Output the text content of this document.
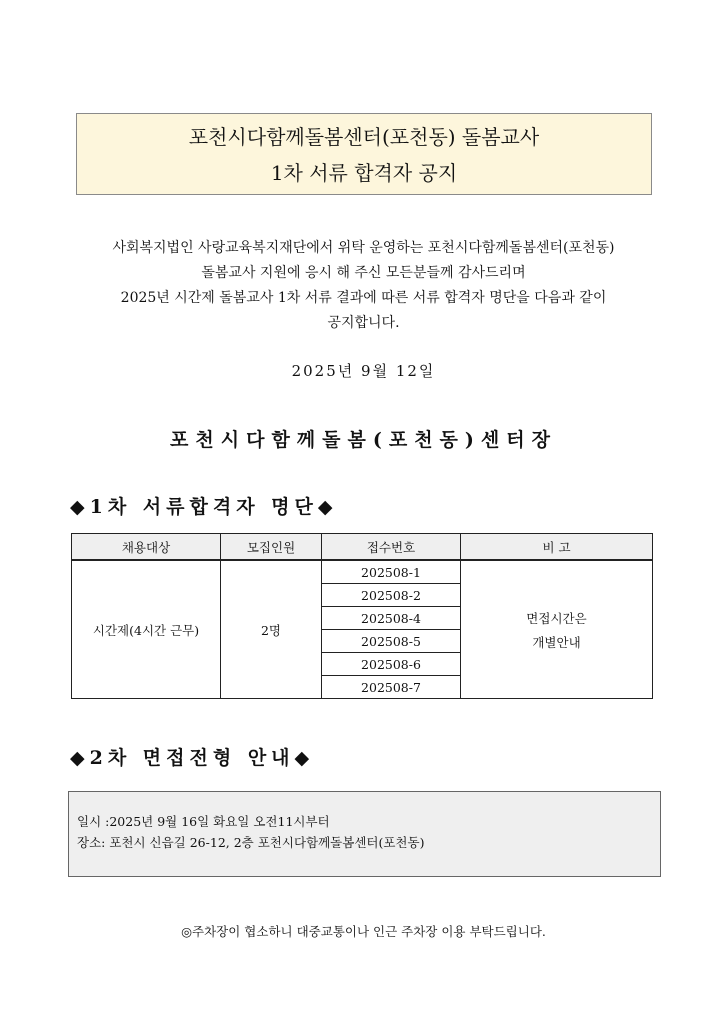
포천시다함께돌봄센터(포천동) 돌봄교사
1차 서류 합격자 공지
사회복지법인 사랑교육복지재단에서 위탁 운영하는 포천시다함께돌봄센터(포천동)
돌봄교사 지원에 응시 해 주신 모든분들께 감사드리며
2025년 시간제 돌봄교사 1차 서류 결과에 따른 서류 합격자 명단을 다음과 같이
공지합니다.
2025년 9월 12일
포천시다함께돌봄(포천동)센터장
◆1차 서류합격자 명단◆
채용대상	모집인원	접수번호	비 고
시간제(4시간 근무)	2명	202508-1	면접시간은
개별안내

		202508-2	
		202508-4	
		202508-5	
		202508-6	
		202508-7	
◆2차 면접전형 안내◆
일시 :2025년 9월 16일 화요일 오전11시부터
장소: 포천시 신읍길 26-12, 2층 포천시다함께돌봄센터(포천동)
◎주차장이 협소하니 대중교통이나 인근 주차장 이용 부탁드립니다.
